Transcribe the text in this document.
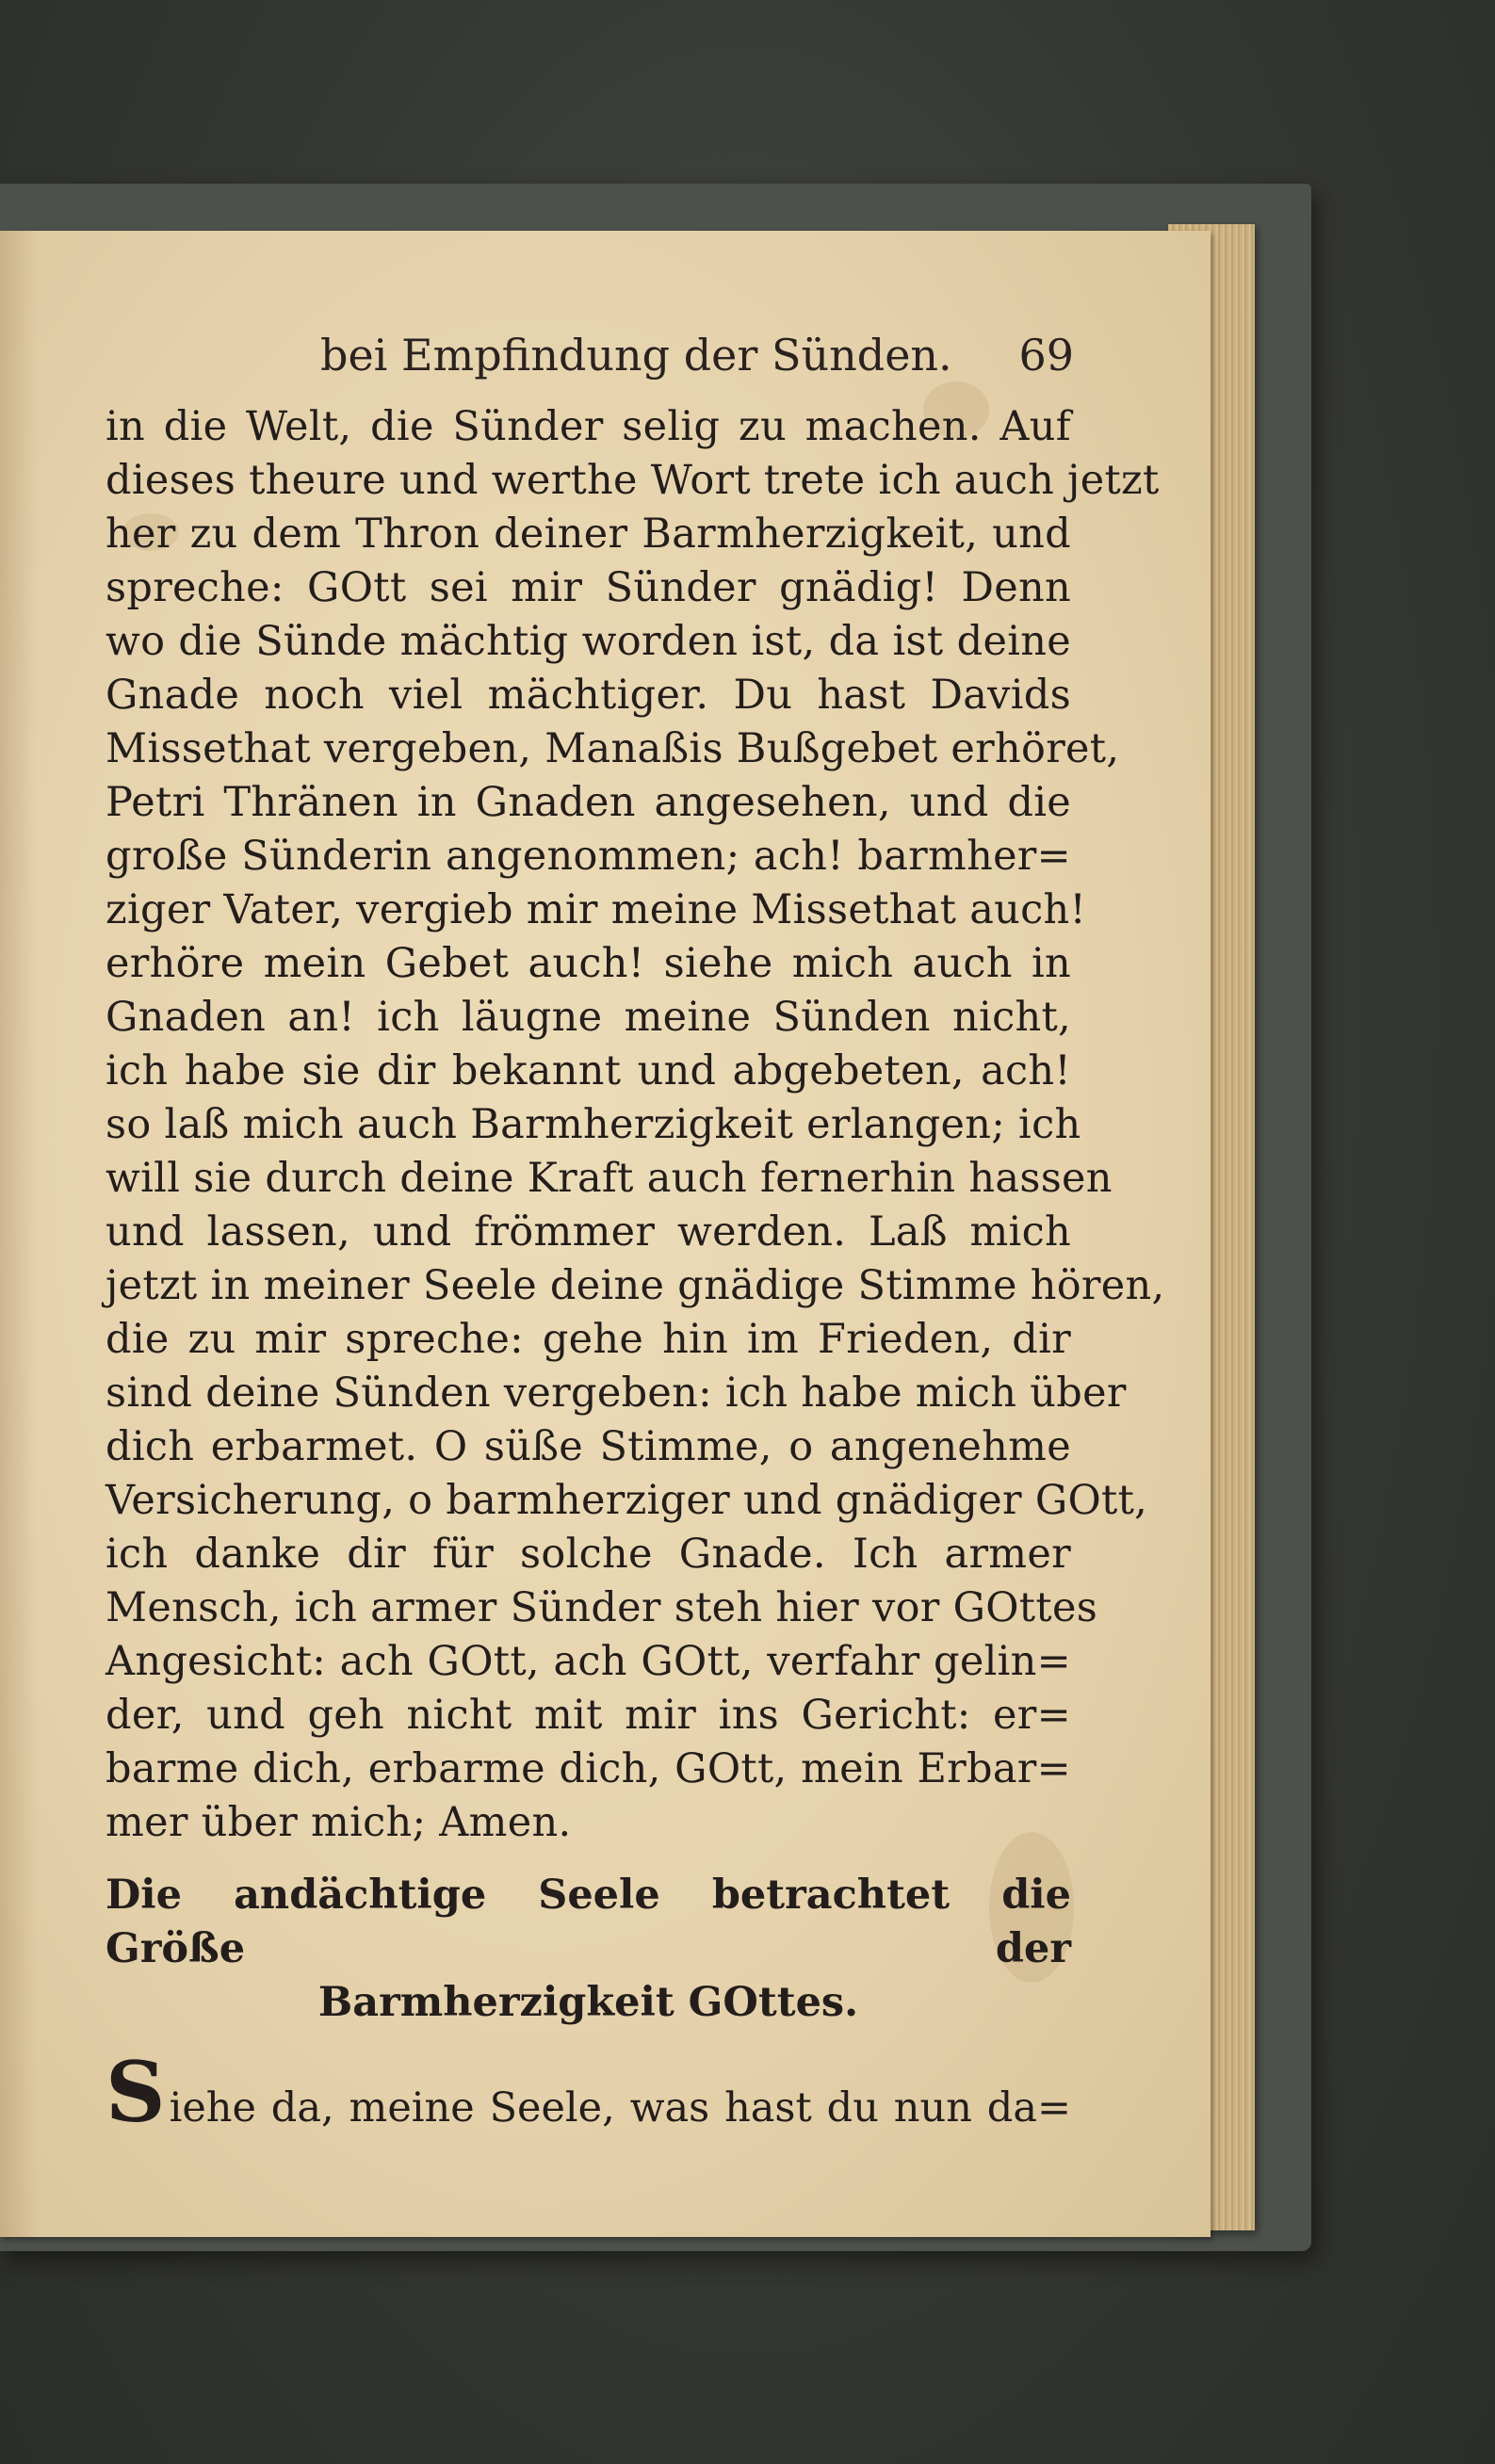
bei Empfindung der Sünden. 69
in die Welt, die Sünder selig zu machen. Auf
dieses theure und werthe Wort trete ich auch jetzt
her zu dem Thron deiner Barmherzigkeit, und
spreche: GOtt sei mir Sünder gnädig! Denn
wo die Sünde mächtig worden ist, da ist deine
Gnade noch viel mächtiger. Du hast Davids
Missethat vergeben, Manaßis Bußgebet erhöret,
Petri Thränen in Gnaden angesehen, und die
große Sünderin angenommen; ach! barmher=
ziger Vater, vergieb mir meine Missethat auch!
erhöre mein Gebet auch! siehe mich auch in
Gnaden an! ich läugne meine Sünden nicht,
ich habe sie dir bekannt und abgebeten, ach!
so laß mich auch Barmherzigkeit erlangen; ich
will sie durch deine Kraft auch fernerhin hassen
und lassen, und frömmer werden. Laß mich
jetzt in meiner Seele deine gnädige Stimme hören,
die zu mir spreche: gehe hin im Frieden, dir
sind deine Sünden vergeben: ich habe mich über
dich erbarmet. O süße Stimme, o angenehme
Versicherung, o barmherziger und gnädiger GOtt,
ich danke dir für solche Gnade. Ich armer
Mensch, ich armer Sünder steh hier vor GOttes
Angesicht: ach GOtt, ach GOtt, verfahr gelin=
der, und geh nicht mit mir ins Gericht: er=
barme dich, erbarme dich, GOtt, mein Erbar=
mer über mich; Amen.
Die andächtige Seele betrachtet die Größe der
Barmherzigkeit GOttes.
S iehe da, meine Seele, was hast du nun da=
